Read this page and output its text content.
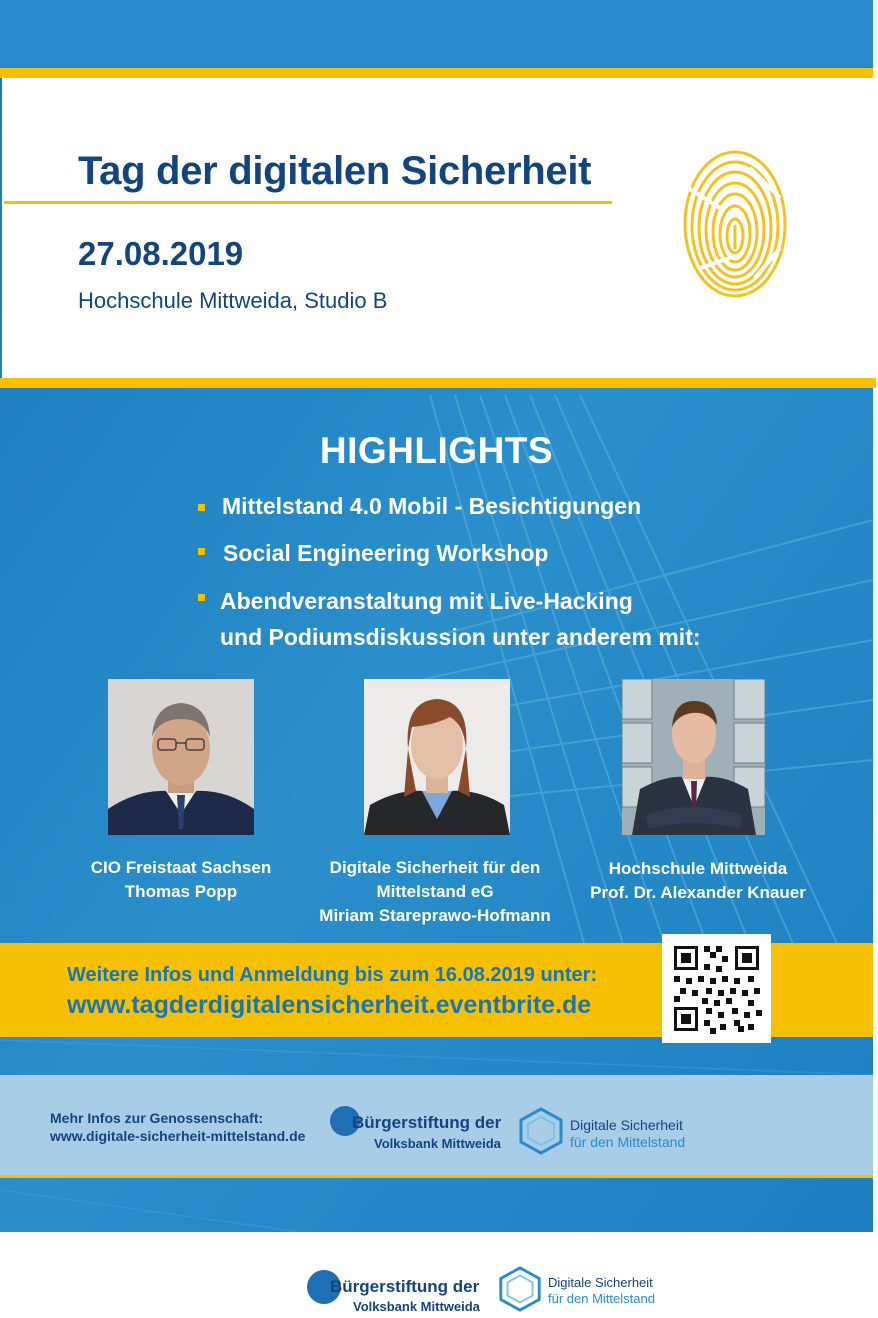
Tag der digitalen Sicherheit
27.08.2019
Hochschule Mittweida, Studio B
HIGHLIGHTS
Mittelstand 4.0 Mobil - Besichtigungen
Social Engineering Workshop
Abendveranstaltung mit Live-Hacking
und Podiumsdiskussion unter anderem mit:
CIO Freistaat Sachsen
Thomas Popp
Digitale Sicherheit für den
Mittelstand eG
Miriam Stareprawo-Hofmann
Hochschule Mittweida
Prof. Dr. Alexander Knauer
Weitere Infos und Anmeldung bis zum 16.08.2019 unter:
www.tagderdigitalensicherheit.eventbrite.de
Mehr Infos zur Genossenschaft:
www.digitale-sicherheit-mittelstand.de
Bürgerstiftung der
Volksbank Mittweida
Digitale Sicherheit
für den Mittelstand
Bürgerstiftung der
Volksbank Mittweida
Digitale Sicherheit
für den Mittelstand
